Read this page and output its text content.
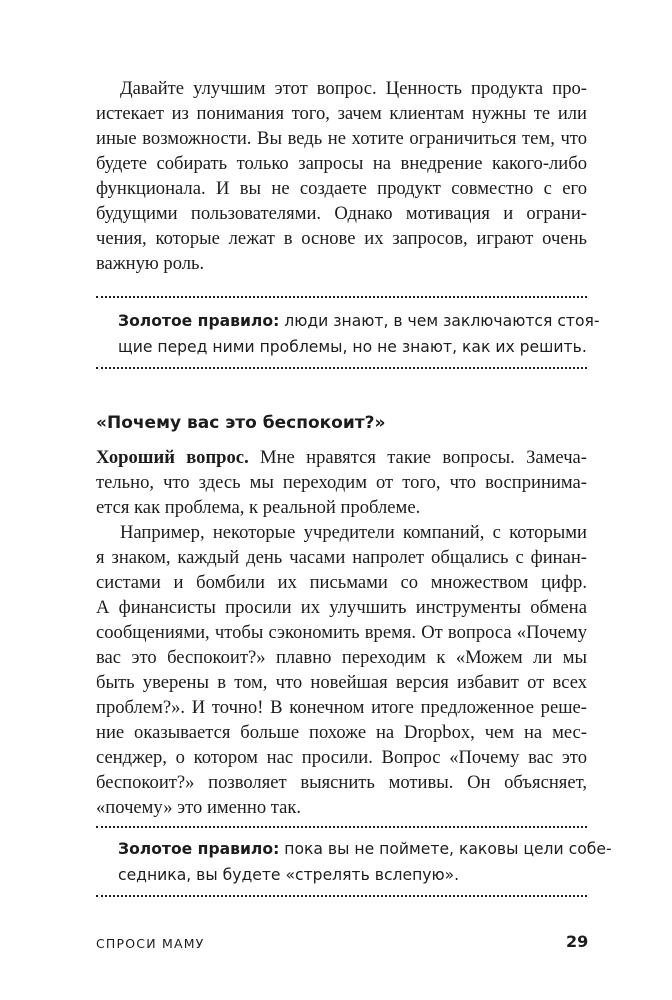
Давайте улучшим этот вопрос. Ценность продукта про-
истекает из понимания того, зачем клиентам нужны те или
иные возможности. Вы ведь не хотите ограничиться тем, что
будете собирать только запросы на внедрение какого-либо
функционала. И вы не создаете продукт совместно с его
будущими пользователями. Однако мотивация и ограни-
чения, которые лежат в основе их запросов, играют очень
важную роль.
Золотое правило: люди знают, в чем заключаются стоя-
щие перед ними проблемы, но не знают, как их решить.
«Почему вас это беспокоит?»
Хороший вопрос. Мне нравятся такие вопросы. Замеча-
тельно, что здесь мы переходим от того, что воспринима-
ется как проблема, к реальной проблеме.
Например, некоторые учредители компаний, с которыми
я знаком, каждый день часами напролет общались с финан-
систами и бомбили их письмами со множеством цифр.
А финансисты просили их улучшить инструменты обмена
сообщениями, чтобы сэкономить время. От вопроса «Почему
вас это беспокоит?» плавно переходим к «Можем ли мы
быть уверены в том, что новейшая версия избавит от всех
проблем?». И точно! В конечном итоге предложенное реше-
ние оказывается больше похоже на Dropbox, чем на мес-
сенджер, о котором нас просили. Вопрос «Почему вас это
беспокоит?» позволяет выяснить мотивы. Он объясняет,
«почему» это именно так.
Золотое правило: пока вы не поймете, каковы цели собе-
седника, вы будете «стрелять вслепую».
СПРОСИ МАМУ	29
